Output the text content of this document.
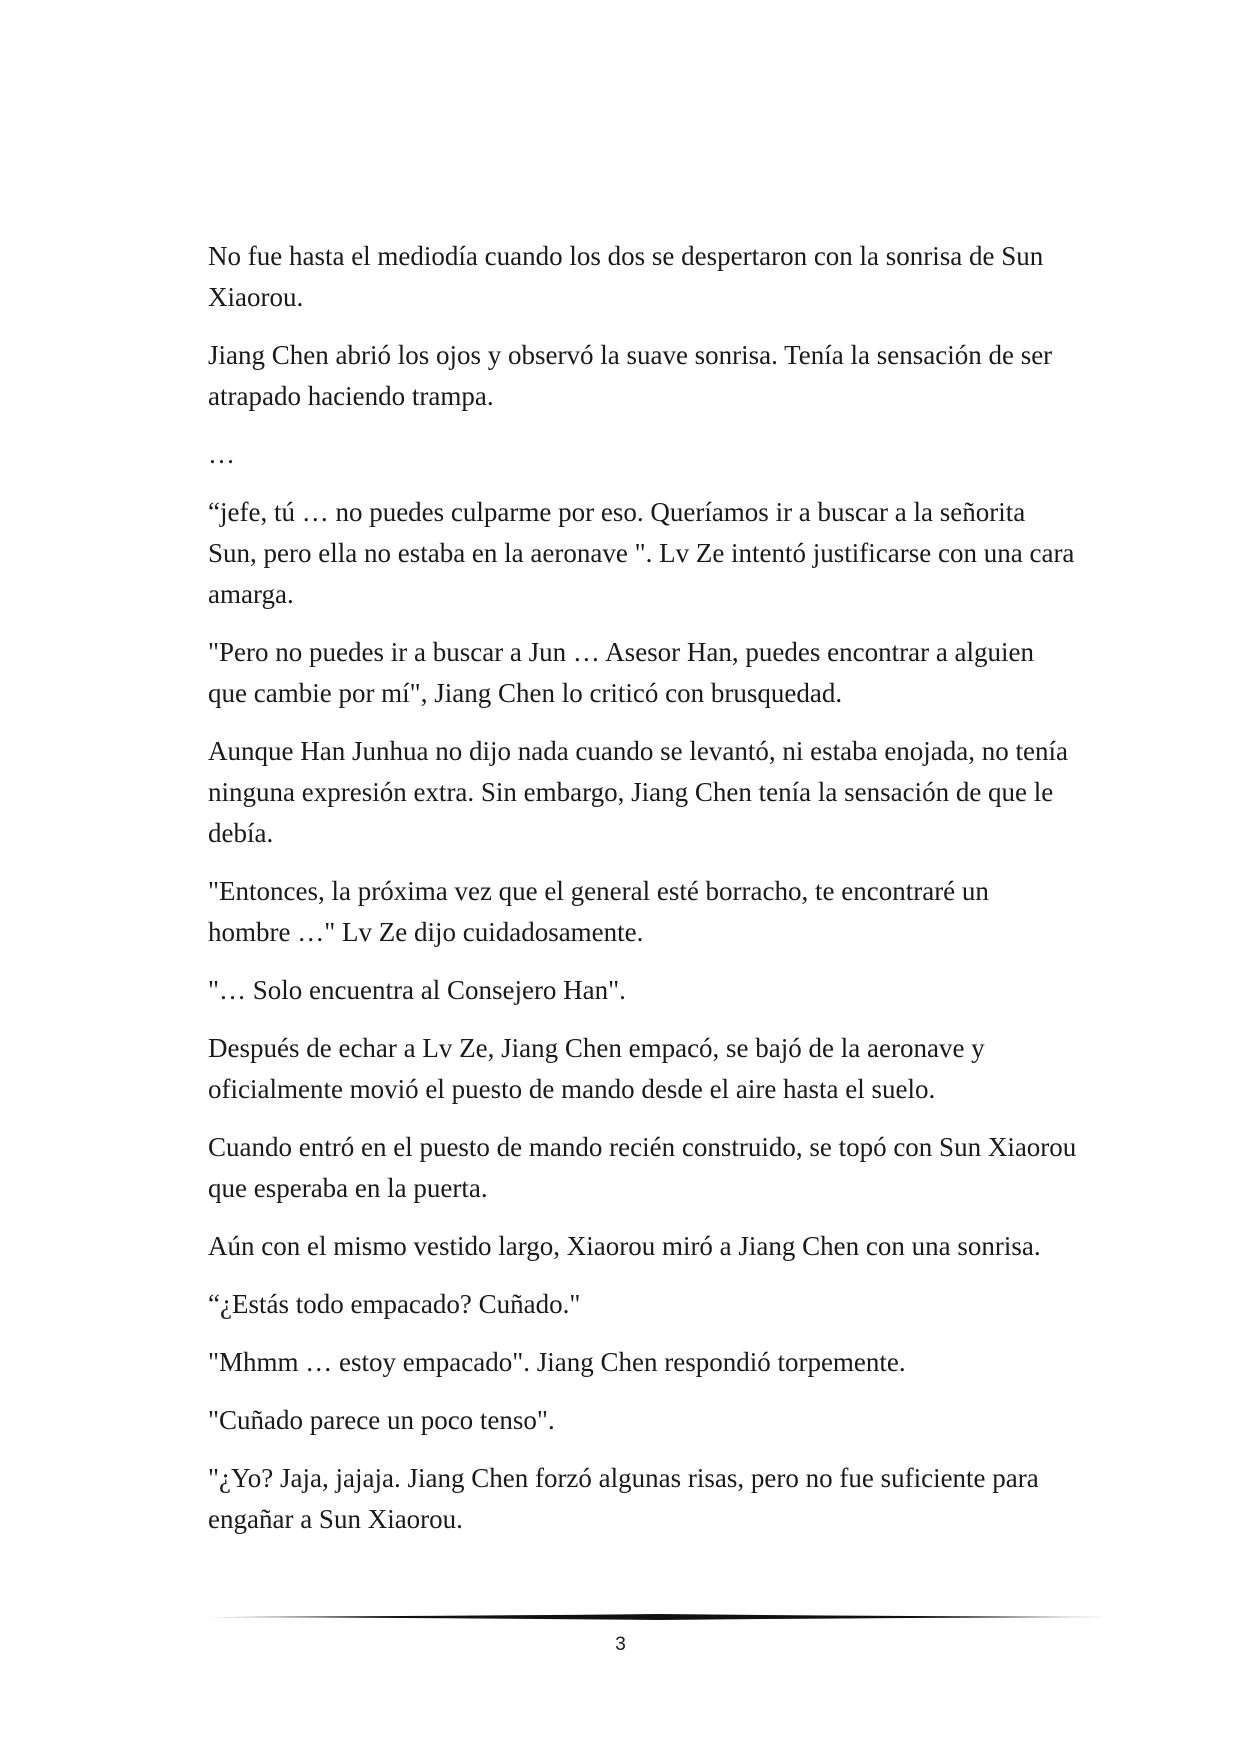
No fue hasta el mediodía cuando los dos se despertaron con la sonrisa de Sun Xiaorou.

Jiang Chen abrió los ojos y observó la suave sonrisa. Tenía la sensación de ser atrapado haciendo trampa.

…

“jefe, tú … no puedes culparme por eso. Queríamos ir a buscar a la señorita Sun, pero ella no estaba en la aeronave ". Lv Ze intentó justificarse con una cara amarga.

"Pero no puedes ir a buscar a Jun … Asesor Han, puedes encontrar a alguien que cambie por mí", Jiang Chen lo criticó con brusquedad.

Aunque Han Junhua no dijo nada cuando se levantó, ni estaba enojada, no tenía ninguna expresión extra. Sin embargo, Jiang Chen tenía la sensación de que le debía.

"Entonces, la próxima vez que el general esté borracho, te encontraré un hombre …" Lv Ze dijo cuidadosamente.

"… Solo encuentra al Consejero Han".

Después de echar a Lv Ze, Jiang Chen empacó, se bajó de la aeronave y oficialmente movió el puesto de mando desde el aire hasta el suelo.

Cuando entró en el puesto de mando recién construido, se topó con Sun Xiaorou que esperaba en la puerta.

Aún con el mismo vestido largo, Xiaorou miró a Jiang Chen con una sonrisa.

“¿Estás todo empacado? Cuñado."

"Mhmm … estoy empacado". Jiang Chen respondió torpemente.

"Cuñado parece un poco tenso".

"¿Yo? Jaja, jajaja. Jiang Chen forzó algunas risas, pero no fue suficiente para engañar a Sun Xiaorou.

3
